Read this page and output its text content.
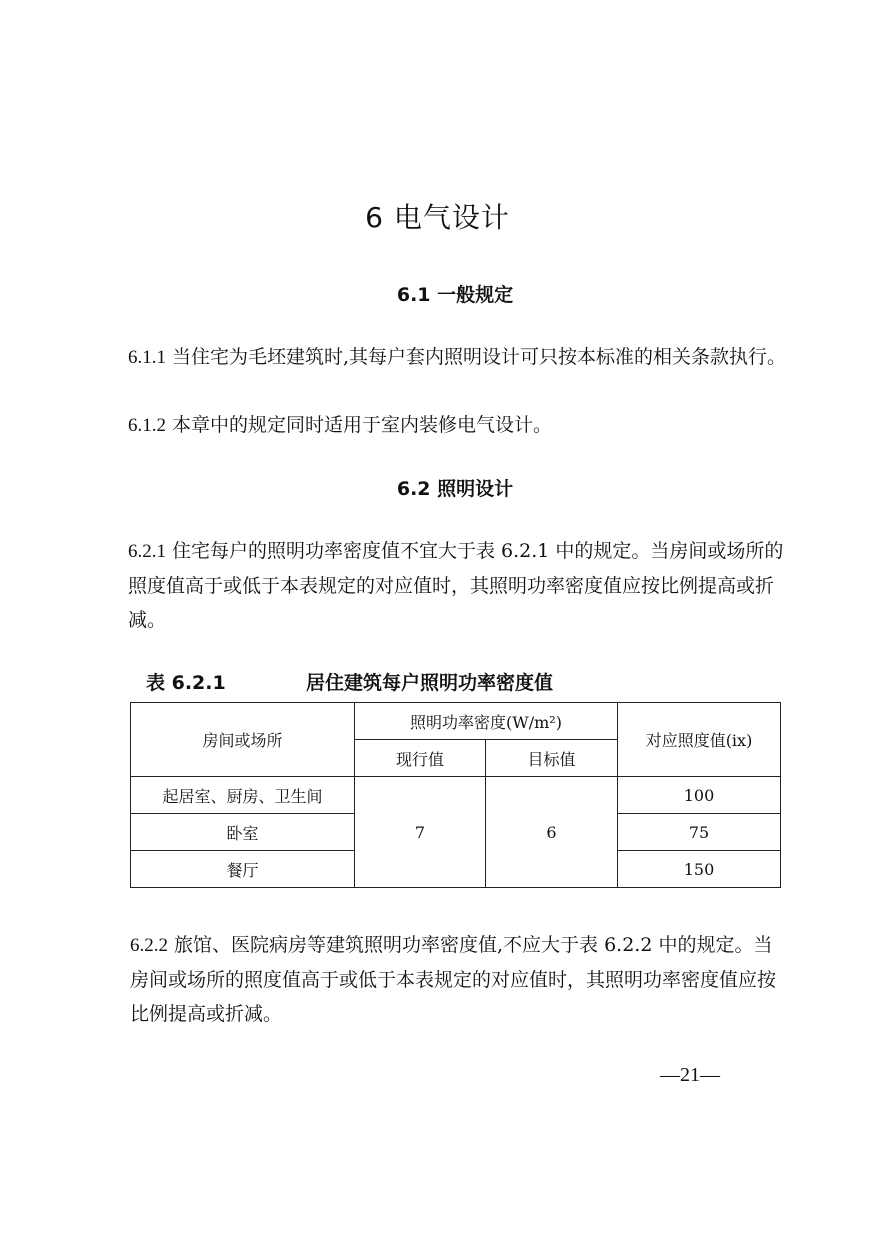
6 电气设计
6.1 一般规定
6.1.1 当住宅为毛坯建筑时,其每户套内照明设计可只按本标准的相关条款执行。
6.1.2 本章中的规定同时适用于室内装修电气设计。
6.2 照明设计
6.2.1 住宅每户的照明功率密度值不宜大于表 6.2.1 中的规定。当房间或场所的照度值高于或低于本表规定的对应值时，其照明功率密度值应按比例提高或折减。
表 6.2.1	居住建筑每户照明功率密度值
房间或场所	照明功率密度(W/m²)		对应照度值(ix)
	现行值	目标值	
起居室、厨房、卫生间	7	6	100
卧室			75
餐厅			150
6.2.2 旅馆、医院病房等建筑照明功率密度值,不应大于表 6.2.2 中的规定。当房间或场所的照度值高于或低于本表规定的对应值时，其照明功率密度值应按比例提高或折减。
—21—
